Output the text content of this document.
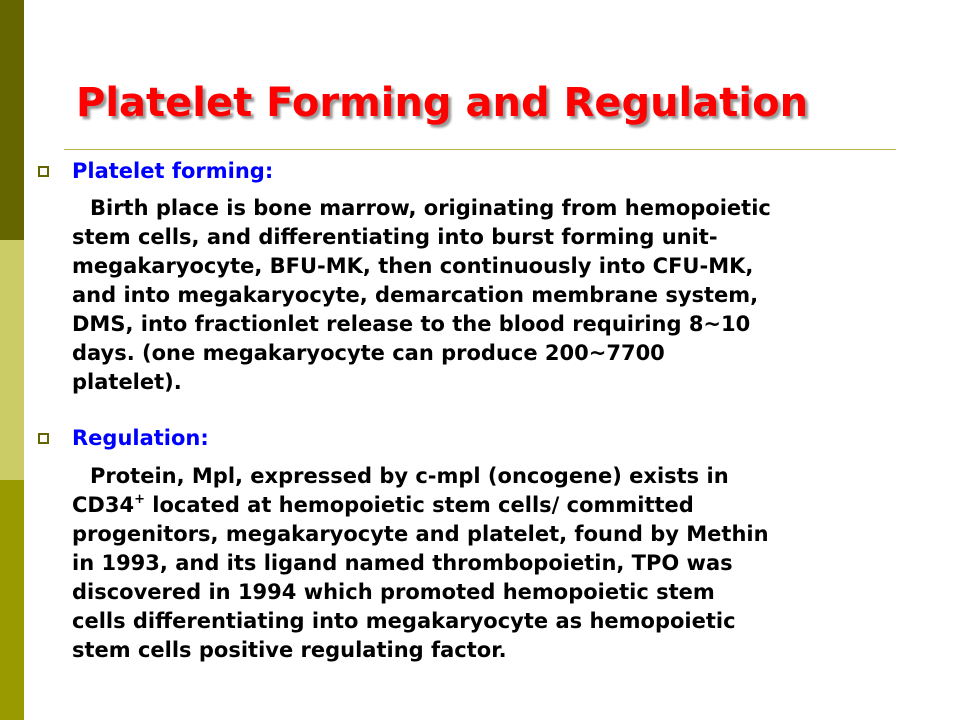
Platelet Forming and Regulation
Platelet forming:

Birth place is bone marrow, originating from hemopoietic
stem cells, and differentiating into burst forming unit-
megakaryocyte, BFU-MK, then continuously into CFU-MK,
and into megakaryocyte, demarcation membrane system,
DMS, into fractionlet release to the blood requiring 8~10
days. (one megakaryocyte can produce 200~7700
platelet).

Regulation:

Protein, Mpl, expressed by c-mpl (oncogene) exists in
CD34+ located at hemopoietic stem cells/ committed
progenitors, megakaryocyte and platelet, found by Methin
in 1993, and its ligand named thrombopoietin, TPO was
discovered in 1994 which promoted hemopoietic stem
cells differentiating into megakaryocyte as hemopoietic
stem cells positive regulating factor.
